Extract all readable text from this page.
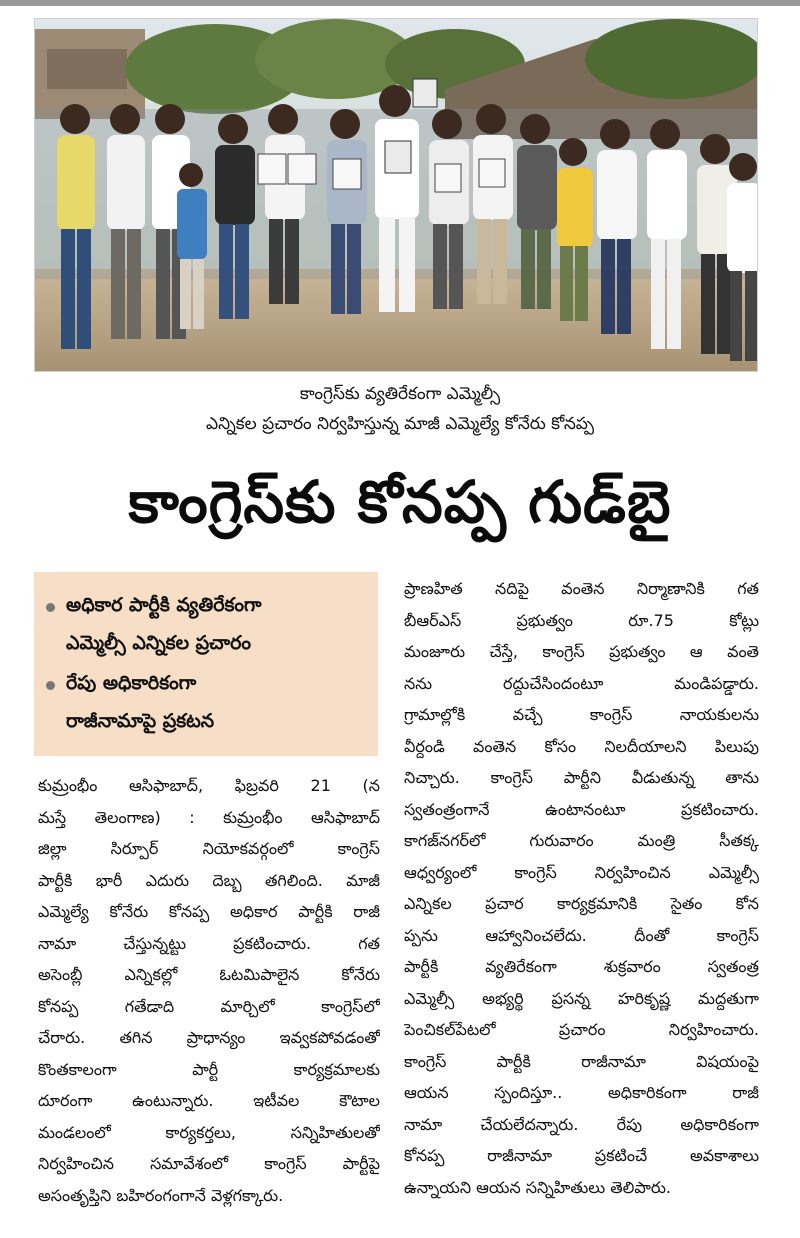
కాంగ్రెస్‌కు వ్యతిరేకంగా ఎమ్మెల్సీ
ఎన్నికల ప్రచారం నిర్వహిస్తున్న మాజీ ఎమ్మెల్యే కోనేరు కోనప్ప
కాంగ్రెస్‌కు కోనప్ప గుడ్‌బై
అధికార పార్టీకి వ్యతిరేకంగా
ఎమ్మెల్సీ ఎన్నికల ప్రచారం
రేపు అధికారికంగా
రాజీనామాపై ప్రకటన
కుమ్రంభీం ఆసిఫాబాద్‌, ఫిబ్రవరి 21 (న
మస్తే తెలంగాణ) : కుమ్రంభీం ఆసిఫాబాద్‌
జిల్లా సిర్పూర్‌ నియోకవర్గంలో కాంగ్రెస్‌
పార్టీకి భారీ ఎదురు దెబ్బ తగిలింది. మాజీ
ఎమ్మెల్యే కోనేరు కోనప్ప అధికార పార్టీకి రాజీ
నామా చేస్తున్నట్టు ప్రకటించారు. గత
అసెంబ్లీ ఎన్నికల్లో ఓటమిపాలైన కోనేరు
కోనప్ప గతేడాది మార్చిలో కాంగ్రెస్‌లో
చేరారు. తగిన ప్రాధాన్యం ఇవ్వకపోవడంతో
కొంతకాలంగా పార్టీ కార్యక్రమాలకు
దూరంగా ఉంటున్నారు. ఇటీవల కౌటాల
మండలంలో కార్యకర్తలు, సన్నిహితులతో
నిర్వహించిన సమావేశంలో కాంగ్రెస్‌ పార్టీపై
అసంతృప్తిని బహిరంగంగానే వెళ్లగక్కారు.
ప్రాణహిత నదిపై వంతెన నిర్మాణానికి గత
బీఆర్‌ఎస్‌ ప్రభుత్వం రూ.75 కోట్లు
మంజూరు చేస్తే, కాంగ్రెస్‌ ప్రభుత్వం ఆ వంతె
నను రద్దుచేసిందంటూ మండిపడ్డారు.
గ్రామాల్లోకి వచ్చే కాంగ్రెస్‌ నాయకులను
వీర్దండి వంతెన కోసం నిలదీయాలని పిలుపు
నిచ్చారు. కాంగ్రెస్‌ పార్టీని వీడుతున్న తాను
స్వతంత్రంగానే ఉంటానంటూ ప్రకటించారు.
కాగజ్‌నగర్‌లో గురువారం మంత్రి సీతక్క
ఆధ్వర్యంలో కాంగ్రెస్‌ నిర్వహించిన ఎమ్మెల్సీ
ఎన్నికల ప్రచార కార్యక్రమానికి సైతం కోన
ప్పను ఆహ్వానించలేదు. దీంతో కాంగ్రెస్‌
పార్టీకి వ్యతిరేకంగా శుక్రవారం స్వతంత్ర
ఎమ్మెల్సీ అభ్యర్థి ప్రసన్న హరికృష్ణ మద్దతుగా
పెంచికల్‌పేటలో ప్రచారం నిర్వహించారు.
కాంగ్రెస్‌ పార్టీకి రాజీనామా విషయంపై
ఆయన స్పందిస్తూ.. అధికారికంగా రాజీ
నామా చేయలేదన్నారు. రేపు అధికారికంగా
కోనప్ప రాజీనామా ప్రకటించే అవకాశాలు
ఉన్నాయని ఆయన సన్నిహితులు తెలిపారు.
